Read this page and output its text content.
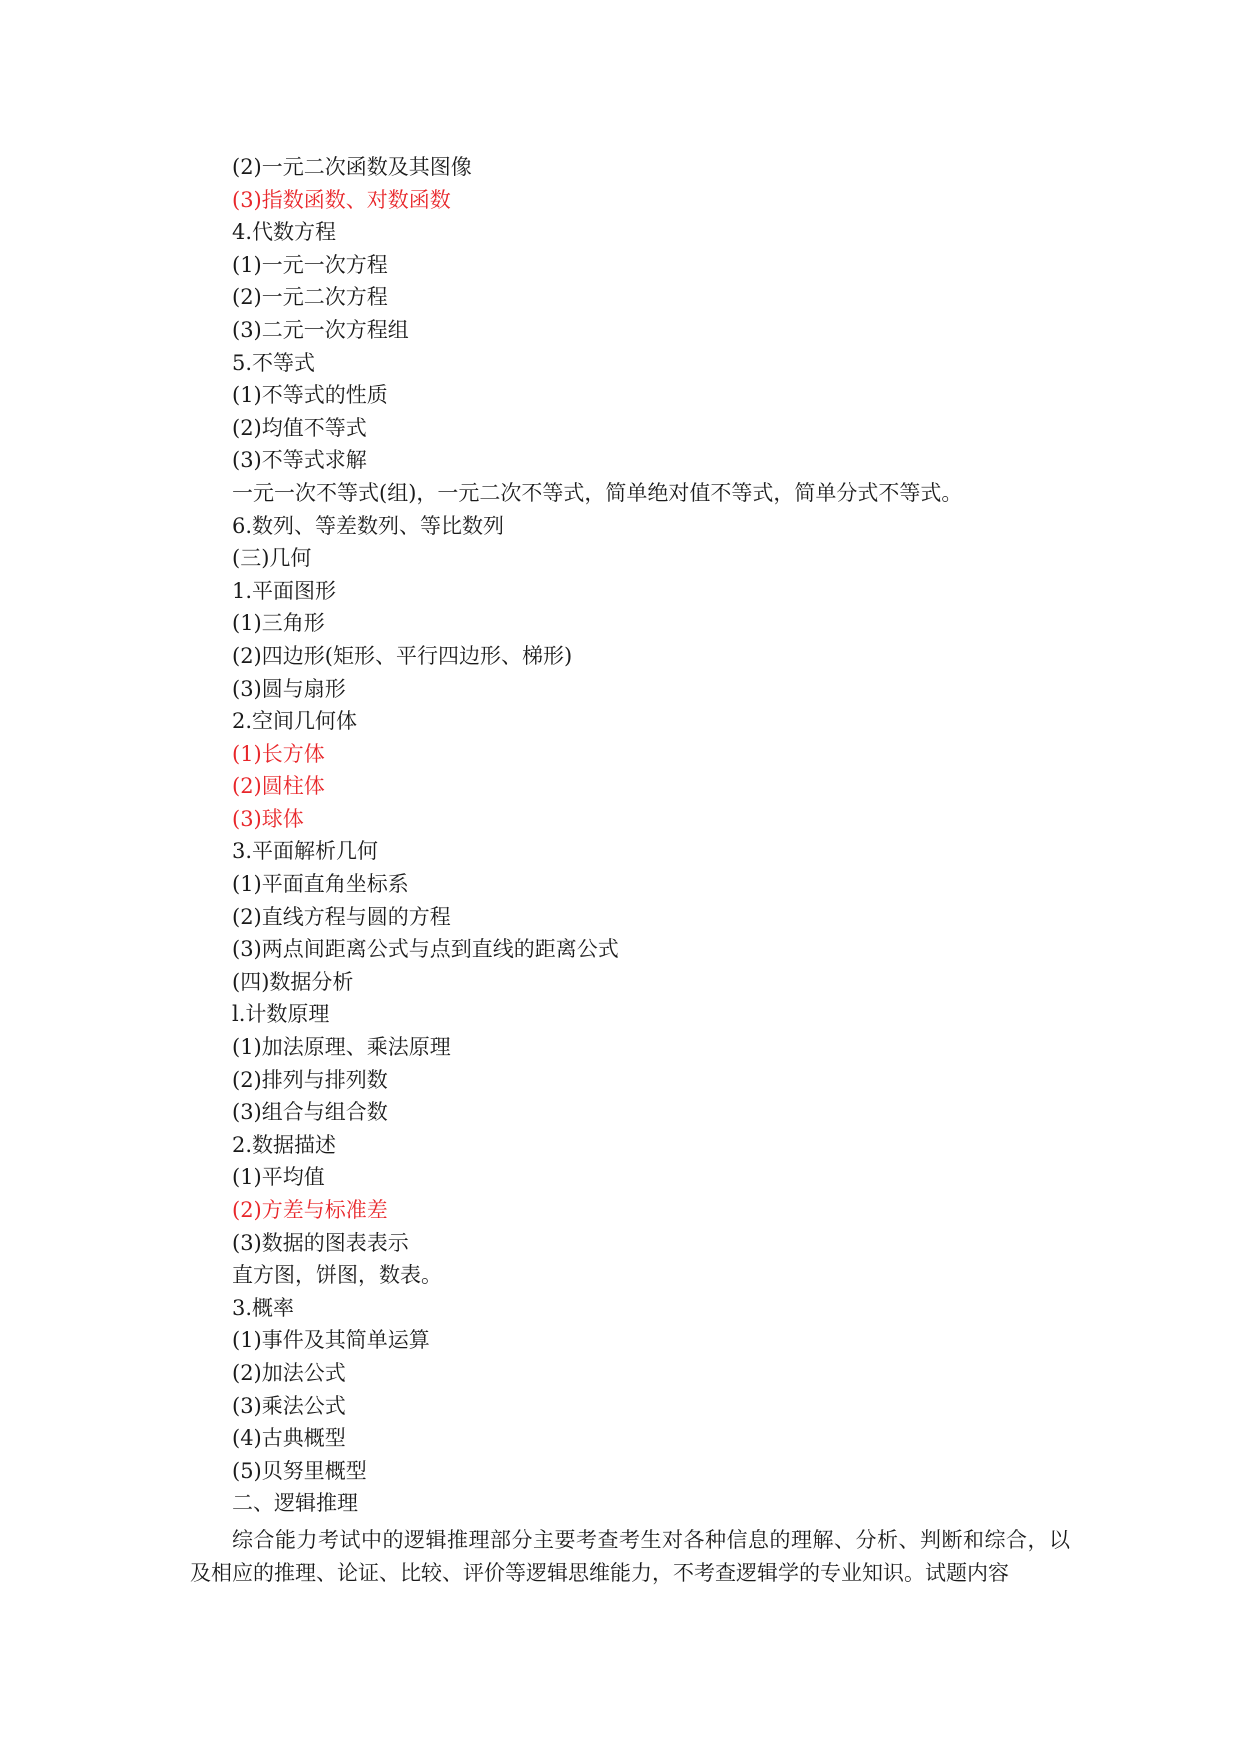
(2)一元二次函数及其图像
(3)指数函数、对数函数
4.代数方程
(1)一元一次方程
(2)一元二次方程
(3)二元一次方程组
5.不等式
(1)不等式的性质
(2)均值不等式
(3)不等式求解
一元一次不等式(组)，一元二次不等式，简单绝对值不等式，简单分式不等式。
6.数列、等差数列、等比数列
(三)几何
1.平面图形
(1)三角形
(2)四边形(矩形、平行四边形、梯形)
(3)圆与扇形
2.空间几何体
(1)长方体
(2)圆柱体
(3)球体
3.平面解析几何
(1)平面直角坐标系
(2)直线方程与圆的方程
(3)两点间距离公式与点到直线的距离公式
(四)数据分析
l.计数原理
(1)加法原理、乘法原理
(2)排列与排列数
(3)组合与组合数
2.数据描述
(1)平均值
(2)方差与标准差
(3)数据的图表表示
直方图，饼图，数表。
3.概率
(1)事件及其简单运算
(2)加法公式
(3)乘法公式
(4)古典概型
(5)贝努里概型
二、逻辑推理

综合能力考试中的逻辑推理部分主要考查考生对各种信息的理解、分析、判断和综合，以及相应的推理、论证、比较、评价等逻辑思维能力，不考查逻辑学的专业知识。试题内容
